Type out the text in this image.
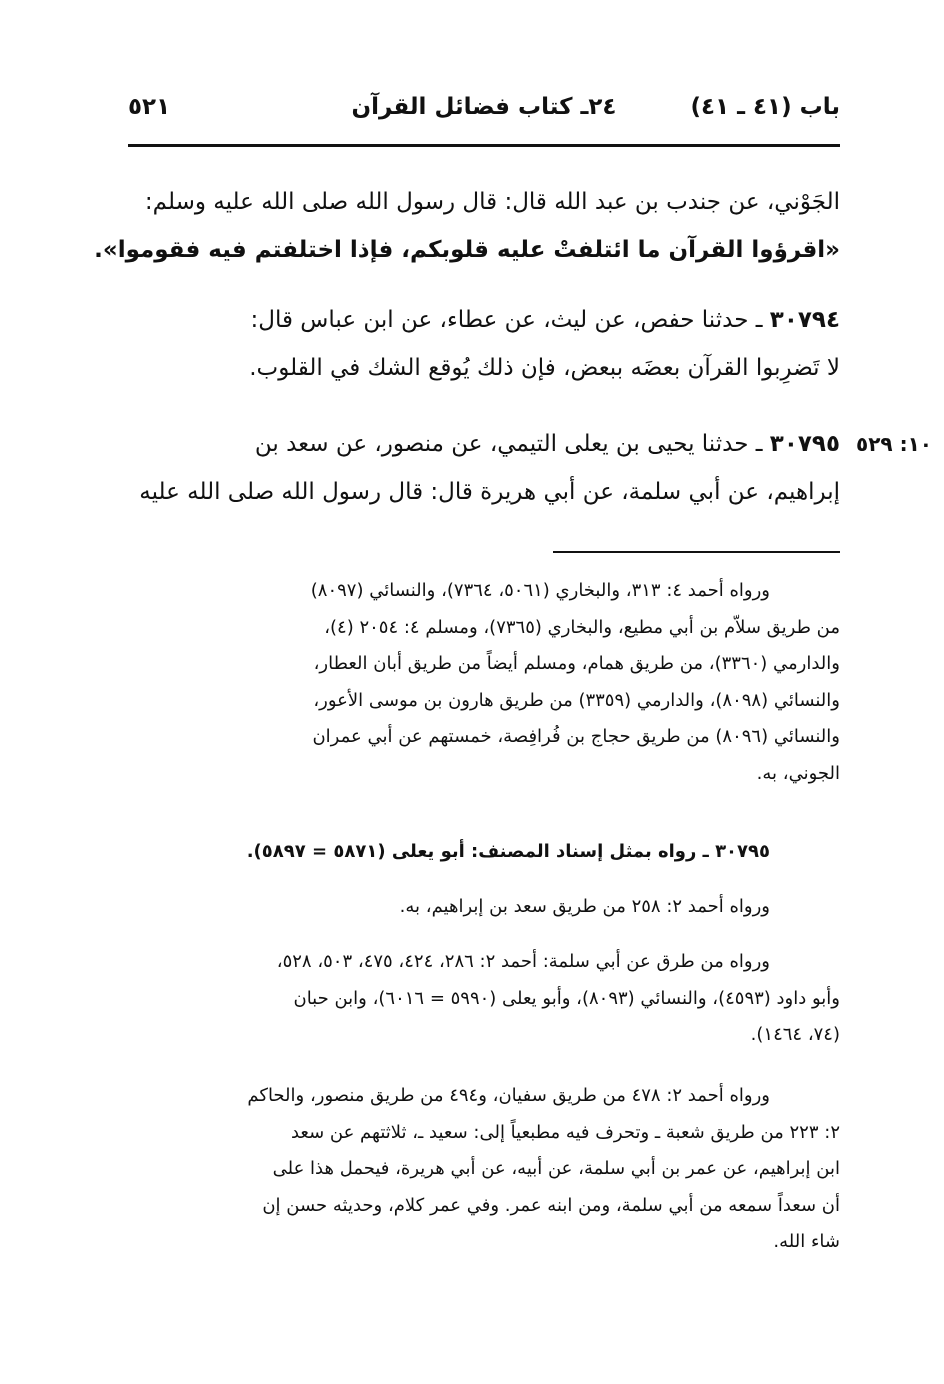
باب (٤١ ـ ٤١)
٢٤ـ كتاب فضائل القرآن
٥٢١
الجَوْني، عن جندب بن عبد الله قال: قال رسول الله صلى الله عليه وسلم:
«اقرؤوا القرآن ما ائتلفتْ عليه قلوبكم، فإذا اختلفتم فيه فقوموا».
٣٠٧٩٤ ـ حدثنا حفص، عن ليث، عن عطاء، عن ابن عباس قال:
لا تَضرِبوا القرآن بعضَه ببعض، فإن ذلك يُوقع الشك في القلوب.
٣٠٧٩٥ ـ حدثنا يحيى بن يعلى التيمي، عن منصور، عن سعد بن
إبراهيم، عن أبي سلمة، عن أبي هريرة قال: قال رسول الله صلى الله عليه
١٠: ٥٢٩
ورواه أحمد ٤: ٣١٣، والبخاري (٥٠٦١، ٧٣٦٤)، والنسائي (٨٠٩٧)
من طريق سلاّم بن أبي مطيع، والبخاري (٧٣٦٥)، ومسلم ٤: ٢٠٥٤ (٤)،
والدارمي (٣٣٦٠)، من طريق همام، ومسلم أيضاً من طريق أبان العطار،
والنسائي (٨٠٩٨)، والدارمي (٣٣٥٩) من طريق هارون بن موسى الأعور،
والنسائي (٨٠٩٦) من طريق حجاج بن فُرافِصة، خمستهم عن أبي عمران
الجوني، به.
٣٠٧٩٥ ـ رواه بمثل إسناد المصنف: أبو يعلى (٥٨٧١ = ٥٨٩٧).
ورواه أحمد ٢: ٢٥٨ من طريق سعد بن إبراهيم، به.
ورواه من طرق عن أبي سلمة: أحمد ٢: ٢٨٦، ٤٢٤، ٤٧٥، ٥٠٣، ٥٢٨،
وأبو داود (٤٥٩٣)، والنسائي (٨٠٩٣)، وأبو يعلى (٥٩٩٠ = ٦٠١٦)، وابن حبان
(٧٤، ١٤٦٤).
ورواه أحمد ٢: ٤٧٨ من طريق سفيان، و٤٩٤ من طريق منصور، والحاكم
٢: ٢٢٣ من طريق شعبة ـ وتحرف فيه مطبعياً إلى: سعيد ـ، ثلاثتهم عن سعد
ابن إبراهيم، عن عمر بن أبي سلمة، عن أبيه، عن أبي هريرة، فيحمل هذا على
أن سعداً سمعه من أبي سلمة، ومن ابنه عمر. وفي عمر كلام، وحديثه حسن إن
شاء الله.
